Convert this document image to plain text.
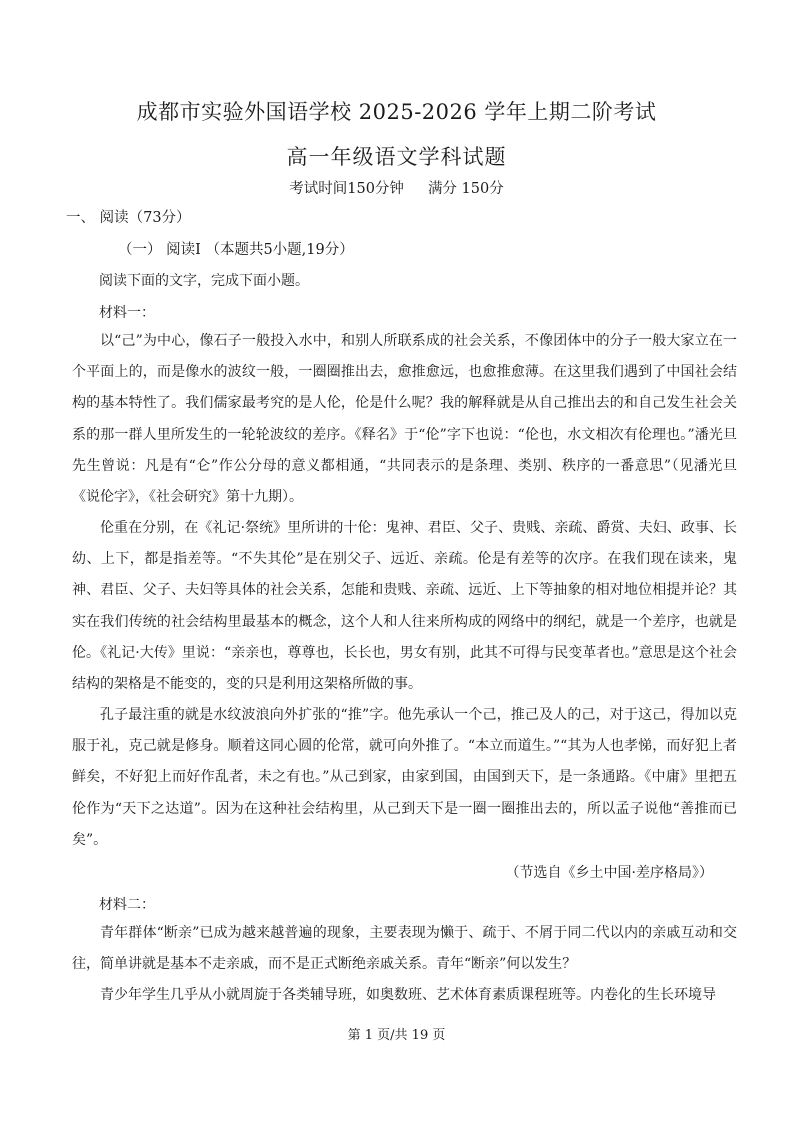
成都市实验外国语学校 2025-2026 学年上期二阶考试
高一年级语文学科试题
考试时间150分钟 满分 150分
一、 阅读（73分）
（一） 阅读Ⅰ （本题共5小题,19分）
阅读下面的文字，完成下面小题。
材料一：
以“己”为中心，像石子一般投入水中，和别人所联系成的社会关系，不像团体中的分子一般大家立在一个平面上的，而是像水的波纹一般，一圈圈推出去，愈推愈远，也愈推愈薄。在这里我们遇到了中国社会结构的基本特性了。我们儒家最考究的是人伦，伦是什么呢？我的解释就是从自己推出去的和自己发生社会关系的那一群人里所发生的一轮轮波纹的差序。《释名》于“伦”字下也说：“伦也，水文相次有伦理也。”潘光旦先生曾说：凡是有“仑”作公分母的意义都相通，“共同表示的是条理、类别、秩序的一番意思”（见潘光旦《说伦字》，《社会研究》第十九期）。
伦重在分别，在《礼记·祭统》里所讲的十伦：鬼神、君臣、父子、贵贱、亲疏、爵赏、夫妇、政事、长幼、上下，都是指差等。“不失其伦”是在别父子、远近、亲疏。伦是有差等的次序。在我们现在读来，鬼神、君臣、父子、夫妇等具体的社会关系，怎能和贵贱、亲疏、远近、上下等抽象的相对地位相提并论？其实在我们传统的社会结构里最基本的概念，这个人和人往来所构成的网络中的纲纪，就是一个差序，也就是伦。《礼记·大传》里说：“亲亲也，尊尊也，长长也，男女有别，此其不可得与民变革者也。”意思是这个社会结构的架格是不能变的，变的只是利用这架格所做的事。
孔子最注重的就是水纹波浪向外扩张的“推”字。他先承认一个己，推己及人的己，对于这己，得加以克服于礼，克己就是修身。顺着这同心圆的伦常，就可向外推了。“本立而道生。”“其为人也孝悌，而好犯上者鲜矣，不好犯上而好作乱者，未之有也。”从己到家，由家到国，由国到天下，是一条通路。《中庸》里把五伦作为“天下之达道”。因为在这种社会结构里，从己到天下是一圈一圈推出去的，所以孟子说他“善推而已矣”。
（节选自《乡土中国·差序格局》）
材料二：
青年群体“断亲”已成为越来越普遍的现象，主要表现为懒于、疏于、不屑于同二代以内的亲戚互动和交往，简单讲就是基本不走亲戚，而不是正式断绝亲戚关系。青年“断亲”何以发生？
青少年学生几乎从小就周旋于各类辅导班，如奥数班、艺术体育素质课程班等。内卷化的生长环境导
第 1 页/共 19 页
